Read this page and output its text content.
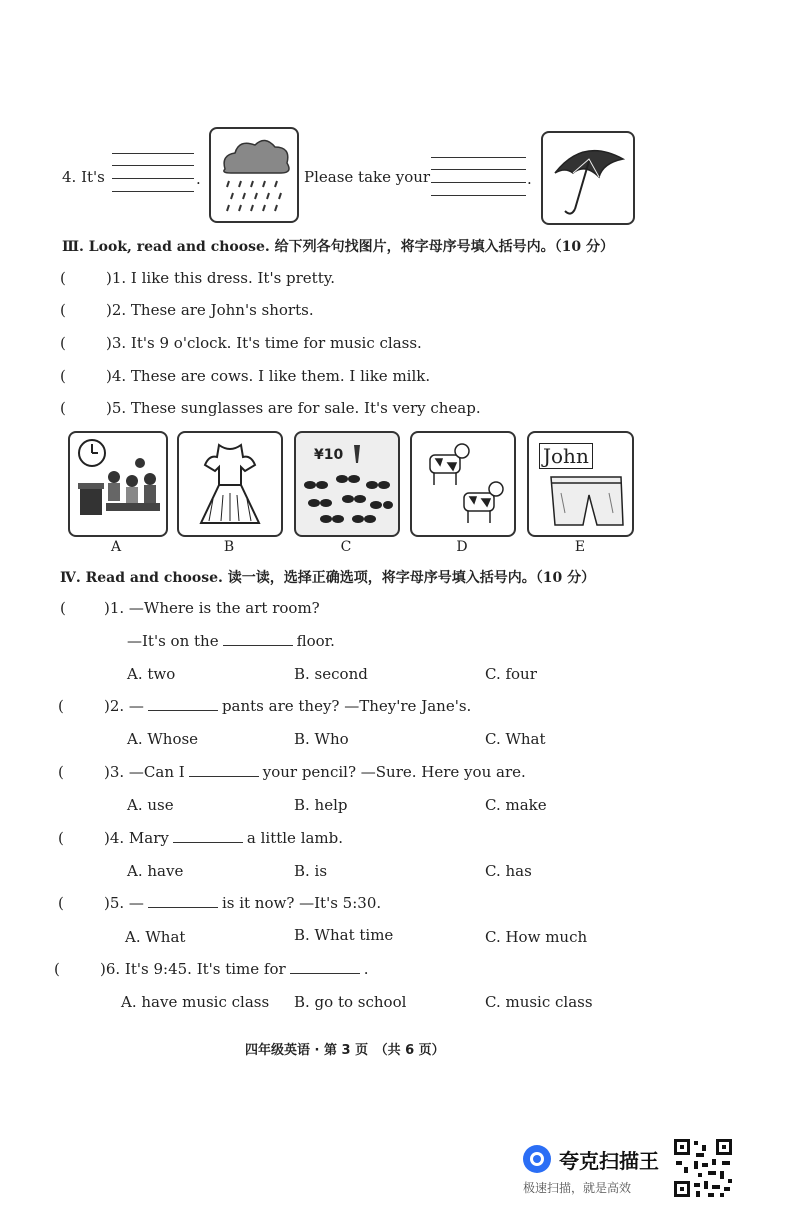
4. It's	.	Please take your	.
Ⅲ. Look, read and choose. 给下列各句找图片，将字母序号填入括号内。（10 分）
(	)1. I like this dress. It's pretty.
(	)2. These are John's shorts.
(	)3. It's 9 o'clock. It's time for music class.
(	)4. These are cows. I like them. I like milk.
(	)5. These sunglasses are for sale. It's very cheap.
A	B
¥10
C	D
John
E
Ⅳ. Read and choose. 读一读，选择正确选项，将字母序号填入括号内。（10 分）
(	)1. —Where is the art room?
—It's on the	floor.
A. two	B. second	C. four
(	)2. —	pants are they? —They're Jane's.
A. Whose	B. Who	C. What
(	)3. —Can I	your pencil? —Sure. Here you are.
A. use	B. help	C. make
(	)4. Mary	a little lamb.
A. have	B. is	C. has
(	)5. —	is it now? —It's 5:30.
A. What	B. What time	C. How much
(	)6. It's 9:45. It's time for	.
A. have music class B. go to school	C. music class
四年级英语 · 第 3 页　（共 6 页）
夸克扫描王
极速扫描，就是高效
